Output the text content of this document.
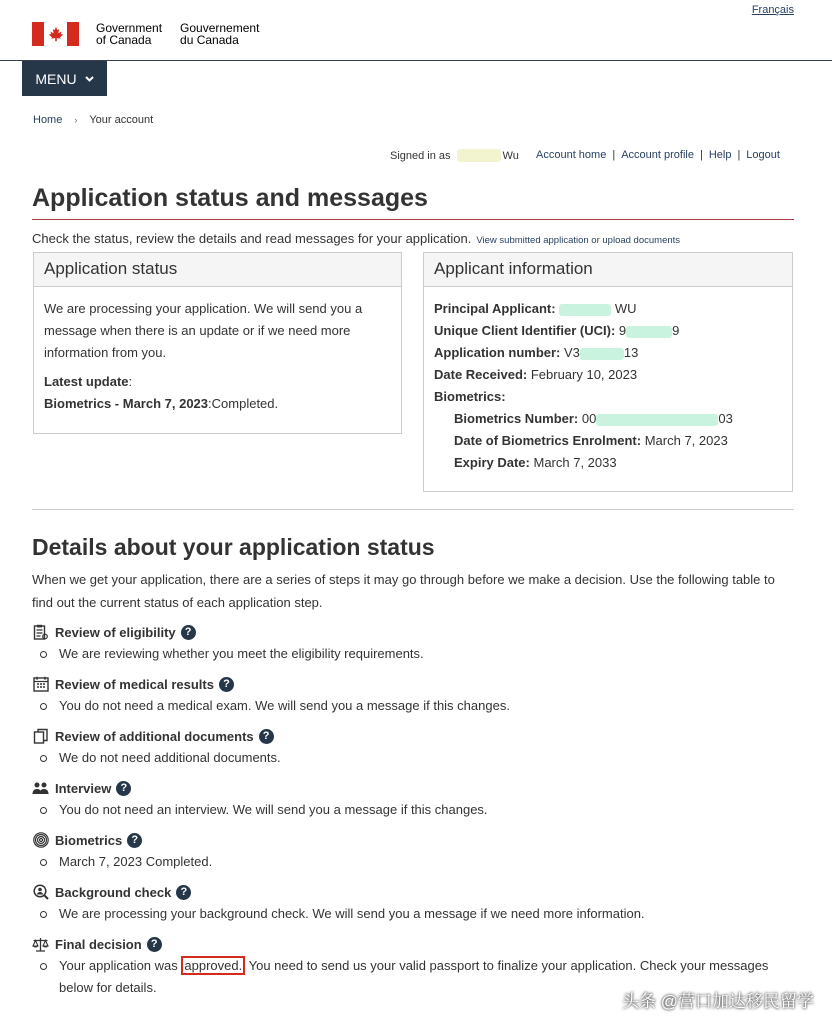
Français
Government
of Canada
Gouvernement
du Canada
MENU
Home › Your account
Signed in as	Wu Account home | Account profile | Help | Logout
Application status and messages
Check the status, review the details and read messages for your application. View submitted application or upload documents
Application status

We are processing your application. We will send you a message when there is an update or if we need more information from you.

Latest update:
Biometrics - March 7, 2023:Completed.
Applicant information
Principal Applicant:	WU
Unique Client Identifier (UCI): 9	9
Application number: V3	13
Date Received: February 10, 2023
Biometrics:
Biometrics Number: 00	03
Date of Biometrics Enrolment: March 7, 2023
Expiry Date: March 7, 2033
Details about your application status
When we get your application, there are a series of steps it may go through before we make a decision. Use the following table to find out the current status of each application step.
Review of eligibility ?
We are reviewing whether you meet the eligibility requirements.
Review of medical results ?
You do not need a medical exam. We will send you a message if this changes.
Review of additional documents ?
We do not need additional documents.
Interview ?
You do not need an interview. We will send you a message if this changes.
Biometrics ?
March 7, 2023 Completed.
Background check ?
We are processing your background check. We will send you a message if we need more information.
Final decision ?
Your application was approved. You need to send us your valid passport to finalize your application. Check your messages below for details.
头条 @营口加达移民留学
